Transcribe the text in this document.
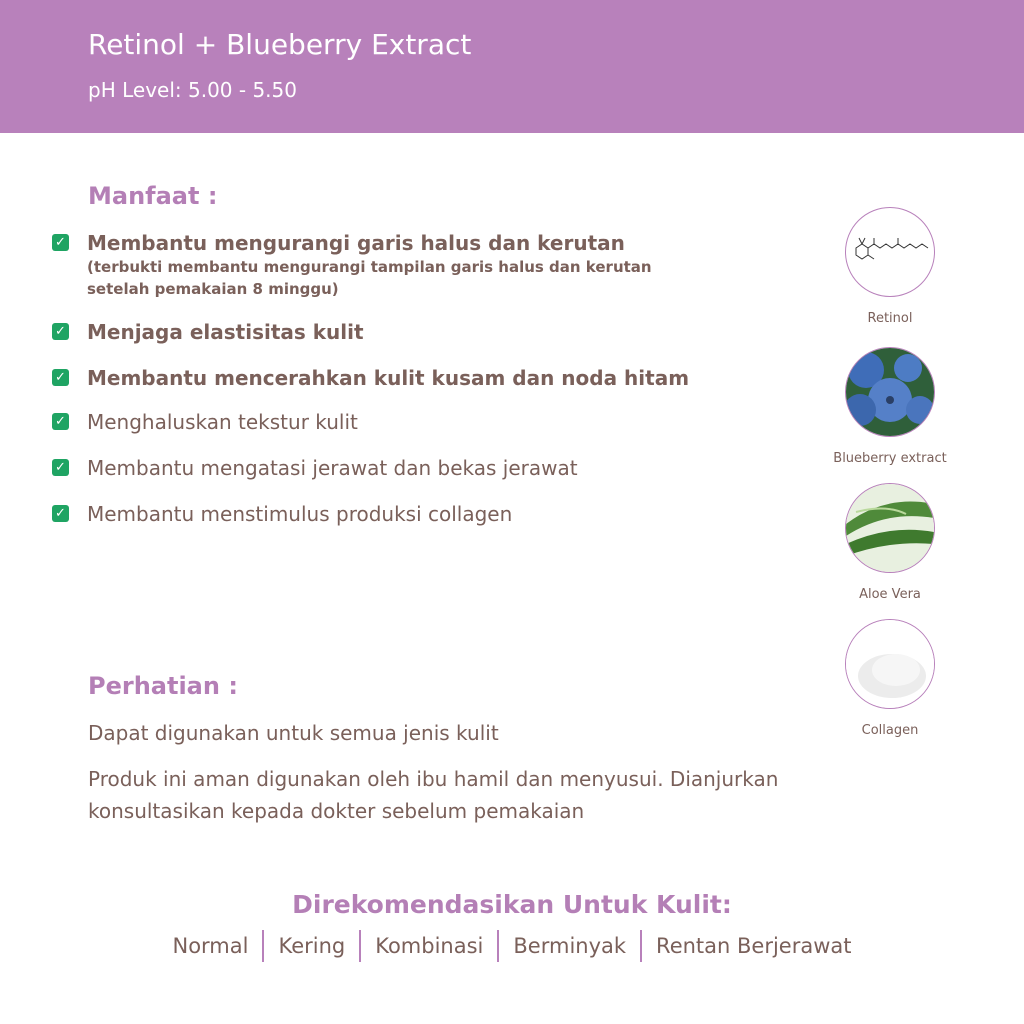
Retinol + Blueberry Extract
pH Level: 5.00 - 5.50
Manfaat :
✓ Membantu mengurangi garis halus dan kerutan
(terbukti membantu mengurangi tampilan garis halus dan kerutan setelah pemakaian 8 minggu)
✓ Menjaga elastisitas kulit
✓ Membantu mencerahkan kulit kusam dan noda hitam
✓ Menghaluskan tekstur kulit
✓ Membantu mengatasi jerawat dan bekas jerawat
✓ Membantu menstimulus produksi collagen
Perhatian :
Dapat digunakan untuk semua jenis kulit
Produk ini aman digunakan oleh ibu hamil dan menyusui. Dianjurkan konsultasikan kepada dokter sebelum pemakaian
Retinol
Blueberry extract
Aloe Vera
Collagen
Direkomendasikan Untuk Kulit:
Normal	Kering	Kombinasi	Berminyak	Rentan Berjerawat
